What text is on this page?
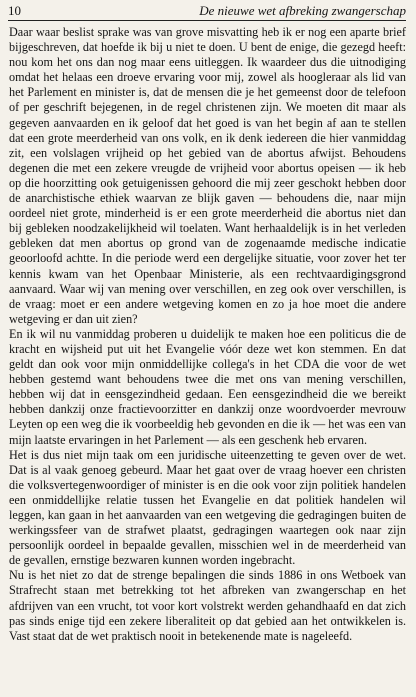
10	De nieuwe wet afbreking zwangerschap

Daar waar beslist sprake was van grove misvatting heb ik er nog een aparte brief bijgeschreven, dat hoefde ik bij u niet te doen. U bent de enige, die gezegd heeft: nou kom het ons dan nog maar eens uitleggen. Ik waardeer dus die uitnodiging omdat het helaas een droeve ervaring voor mij, zowel als hoogleraar als lid van het Parlement en minister is, dat de mensen die je het gemeenst door de telefoon of per geschrift bejegenen, in de regel christenen zijn. We moeten dit maar als gegeven aanvaarden en ik geloof dat het goed is van het begin af aan te stellen dat een grote meerderheid van ons volk, en ik denk iedereen die hier vanmiddag zit, een volslagen vrijheid op het gebied van de abortus afwijst. Behoudens degenen die met een zekere vreugde de vrijheid voor abortus opeisen — ik heb op die hoorzitting ook getuigenissen gehoord die mij zeer geschokt hebben door de anarchistische ethiek waarvan ze blijk gaven — behoudens die, naar mijn oordeel niet grote, minderheid is er een grote meerderheid die abortus niet dan bij gebleken noodzakelijkheid wil toelaten. Want herhaaldelijk is in het verleden gebleken dat men abortus op grond van de zogenaamde medische indicatie geoorloofd achtte. In die periode werd een dergelijke situatie, voor zover het ter kennis kwam van het Openbaar Ministerie, als een rechtvaardigingsgrond aanvaard. Waar wij van mening over verschillen, en zeg ook over verschillen, is de vraag: moet er een andere wetgeving komen en zo ja hoe moet die andere wetgeving er dan uit zien?

En ik wil nu vanmiddag proberen u duidelijk te maken hoe een politicus die de kracht en wijsheid put uit het Evangelie vóór deze wet kon stemmen. En dat geldt dan ook voor mijn onmiddellijke collega's in het CDA die voor de wet hebben gestemd want behoudens twee die met ons van mening verschillen, hebben wij dat in eensgezindheid gedaan. Een eensgezindheid die we bereikt hebben dankzij onze fractievoorzitter en dankzij onze woordvoerder mevrouw Leyten op een weg die ik voorbeeldig heb gevonden en die ik — het was een van mijn laatste ervaringen in het Parlement — als een geschenk heb ervaren.

Het is dus niet mijn taak om een juridische uiteenzetting te geven over de wet. Dat is al vaak genoeg gebeurd. Maar het gaat over de vraag hoever een christen die volksvertegenwoordiger of minister is en die ook voor zijn politiek handelen een onmiddellijke relatie tussen het Evangelie en dat politiek handelen wil leggen, kan gaan in het aanvaarden van een wetgeving die gedragingen buiten de werkingssfeer van de strafwet plaatst, gedragingen waartegen ook naar zijn persoonlijk oordeel in bepaalde gevallen, misschien wel in de meerderheid van de gevallen, ernstige bezwaren kunnen worden ingebracht.

Nu is het niet zo dat de strenge bepalingen die sinds 1886 in ons Wetboek van Strafrecht staan met betrekking tot het afbreken van zwangerschap en het afdrijven van een vrucht, tot voor kort volstrekt werden gehandhaafd en dat zich pas sinds enige tijd een zekere liberaliteit op dat gebied aan het ontwikkelen is. Vast staat dat de wet praktisch nooit in betekenende mate is nageleefd.
